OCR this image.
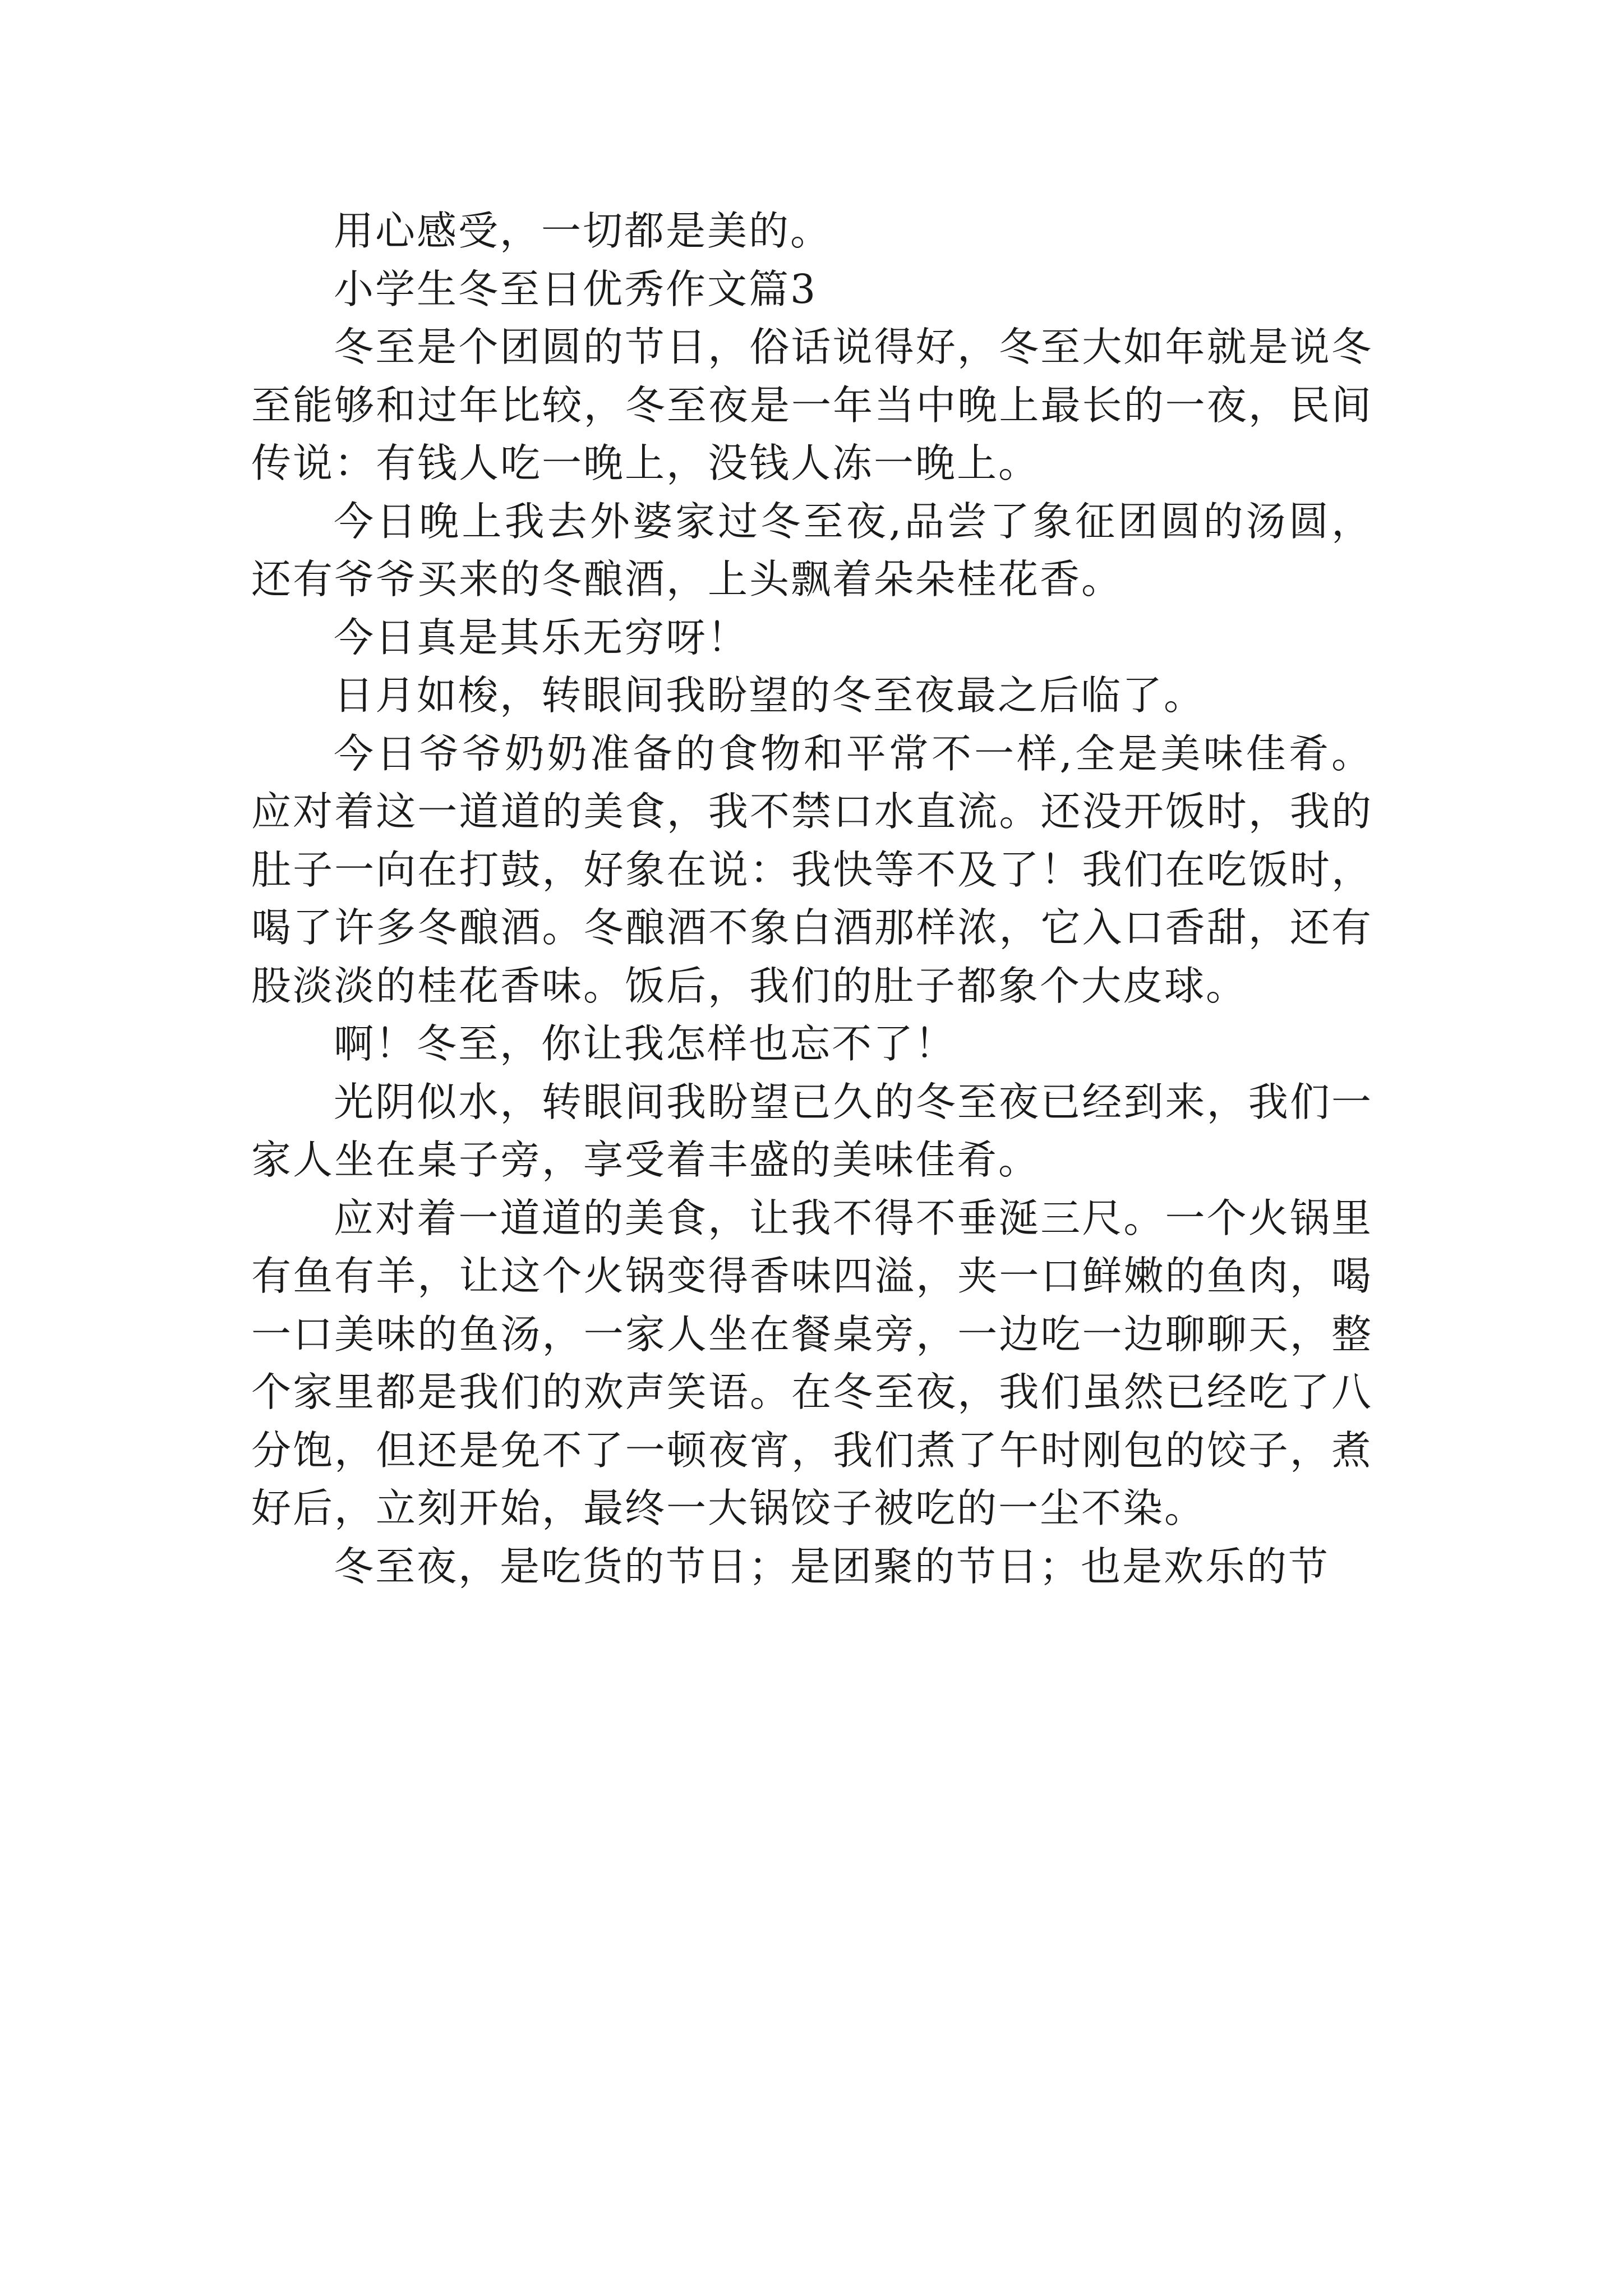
用心感受，一切都是美的。

小学生冬至日优秀作文篇3

冬至是个团圆的节日，俗话说得好，冬至大如年就是说冬至能够和过年比较，冬至夜是一年当中晚上最长的一夜，民间传说：有钱人吃一晚上，没钱人冻一晚上。

今日晚上我去外婆家过冬至夜,品尝了象征团圆的汤圆，还有爷爷买来的冬酿酒，上头飘着朵朵桂花香。

今日真是其乐无穷呀！

日月如梭，转眼间我盼望的冬至夜最之后临了。

今日爷爷奶奶准备的食物和平常不一样,全是美味佳肴。应对着这一道道的美食，我不禁口水直流。还没开饭时，我的肚子一向在打鼓，好象在说：我快等不及了！我们在吃饭时，喝了许多冬酿酒。冬酿酒不象白酒那样浓，它入口香甜，还有股淡淡的桂花香味。饭后，我们的肚子都象个大皮球。

啊！冬至，你让我怎样也忘不了！

光阴似水，转眼间我盼望已久的冬至夜已经到来，我们一家人坐在桌子旁，享受着丰盛的美味佳肴。

应对着一道道的美食，让我不得不垂涎三尺。一个火锅里有鱼有羊，让这个火锅变得香味四溢，夹一口鲜嫩的鱼肉，喝一口美味的鱼汤，一家人坐在餐桌旁，一边吃一边聊聊天，整个家里都是我们的欢声笑语。在冬至夜，我们虽然已经吃了八分饱，但还是免不了一顿夜宵，我们煮了午时刚包的饺子，煮好后，立刻开始，最终一大锅饺子被吃的一尘不染。

冬至夜，是吃货的节日；是团聚的节日；也是欢乐的节
